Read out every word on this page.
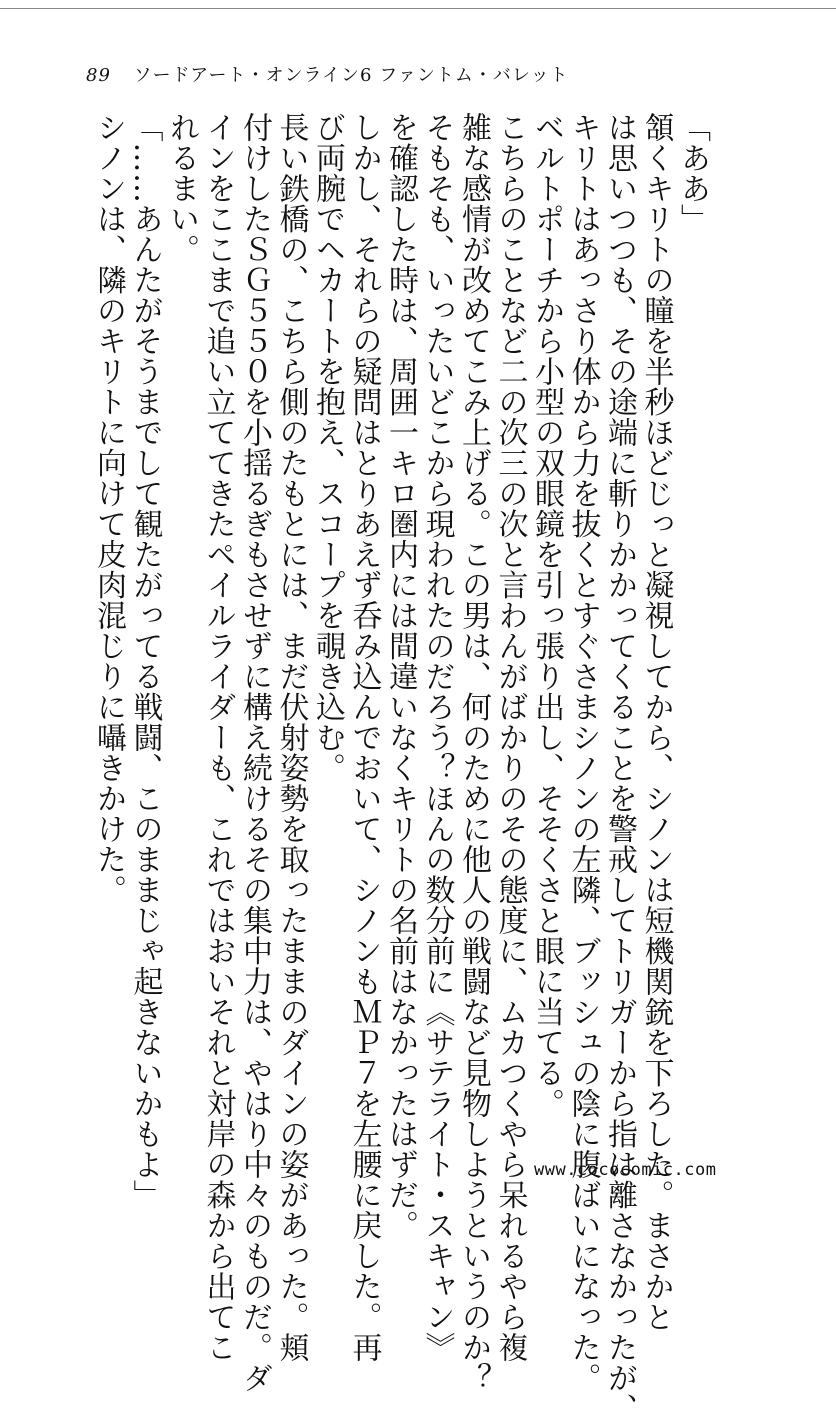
89 ソードアート・オンライン6 ファントム・バレット
「ああ」
頷くキリトの瞳を半秒ほどじっと凝視してから、シノンは短機関銃を下ろした。まさかと
は思いつつも、その途端に斬りかかってくることを警戒してトリガーから指は離さなかったが、
キリトはあっさり体から力を抜くとすぐさまシノンの左隣、ブッシュの陰に腹ばいになった。
ベルトポーチから小型の双眼鏡を引っ張り出し、そそくさと眼に当てる。
こちらのことなど二の次三の次と言わんがばかりのその態度に、ムカつくやら呆れるやら複
雑な感情が改めてこみ上げる。この男は、何のために他人の戦闘など見物しようというのか？
そもそも、いったいどこから現われたのだろう？ほんの数分前に《サテライト・スキャン》
を確認した時は、周囲一キロ圏内には間違いなくキリトの名前はなかったはずだ。
しかし、それらの疑問はとりあえず呑み込んでおいて、シノンもＭＰ７を左腰に戻した。再
び両腕でヘカートを抱え、スコープを覗き込む。
長い鉄橋の、こちら側のたもとには、まだ伏射姿勢を取ったままのダインの姿があった。頬
付けしたＳＧ５５０を小揺るぎもさせずに構え続けるその集中力は、やはり中々のものだ。ダ
インをここまで追い立ててきたペイルライダーも、これではおいそれと対岸の森から出てこ
れるまい。
「……あんたがそうまでして観たがってる戦闘、このままじゃ起きないかもよ」
シノンは、隣のキリトに向けて皮肉混じりに囁きかけた。
www.cococomic.com
